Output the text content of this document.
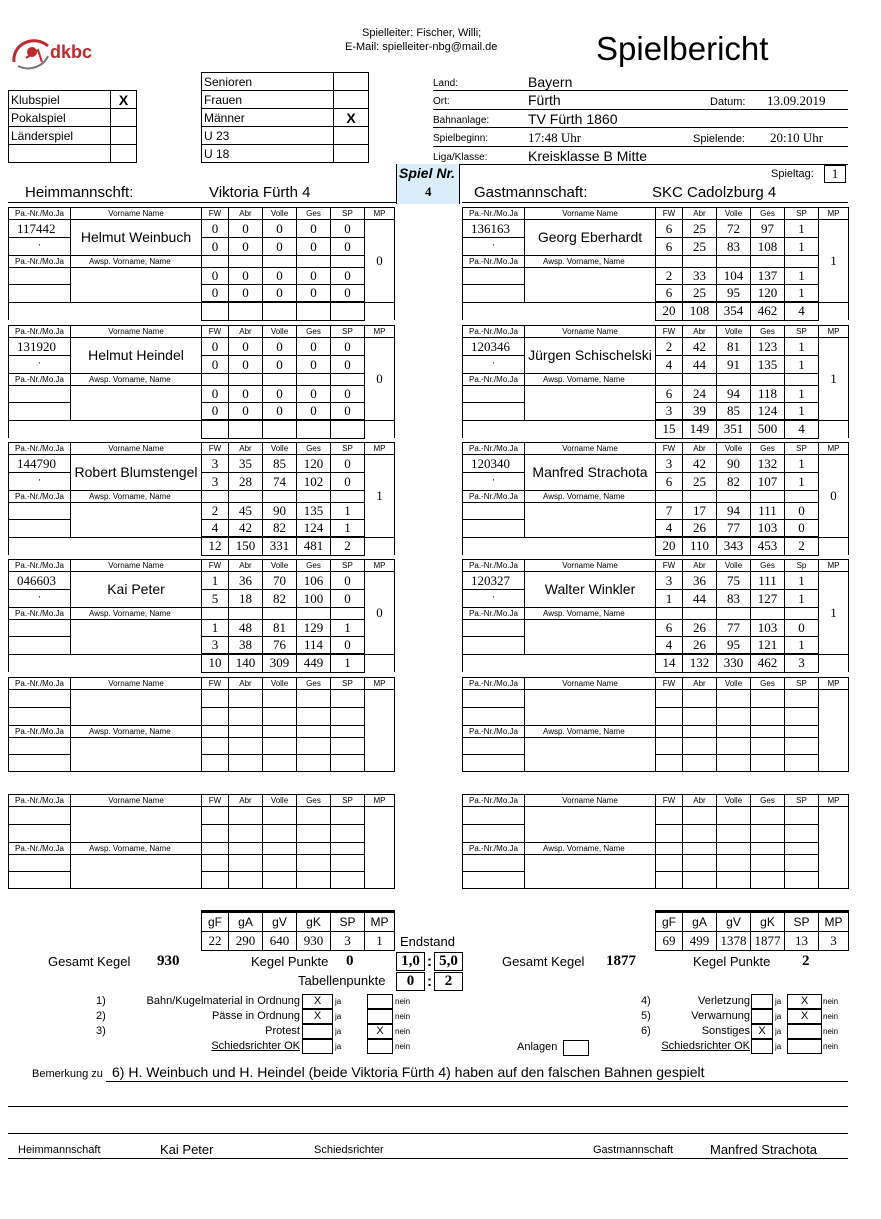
dkbc
Spielleiter: Fischer, Willi;
E-Mail: spielleiter-nbg@mail.de	Spielbericht
Klubspiel	X
Pokalspiel	
Länderspiel	

Senioren	
Frauen	
Männer	X
U 23	
U 18	
Land:	Bayern
Ort:	Fürth	Datum: 13.09.2019
Bahnanlage:	TV Fürth 1860
Spielbeginn:	17:48 Uhr	Spielende: 20:10 Uhr
Liga/Klasse:	Kreisklasse B Mitte
Spiel Nr.
4
Spieltag:	1
Heimmannschft:	Viktoria Fürth 4	Gastmannschaft:	SKC Cadolzburg 4
Pa.-Nr./Mo.Ja	Vorname Name	FW	Abr	Volle	Ges	SP	MP
117442	Helmut Weinbuch	0	0	0	0	0	0
,		0	0	0	0	0	
Pa.-Nr./Mo.Ja	Awsp. Vorname, Name						
		0	0	0	0	0	
		0	0	0	0	0	

Pa.-Nr./Mo.Ja	Vorname Name	FW	Abr	Volle	Ges	SP	MP
136163	Georg Eberhardt	6	25	72	97	1	1
,		6	25	83	108	1	
Pa.-Nr./Mo.Ja	Awsp. Vorname, Name						
		2	33	104	137	1	
		6	25	95	120	1	
		20	108	354	462	4	
Pa.-Nr./Mo.Ja	Vorname Name	FW	Abr	Volle	Ges	SP	MP
131920	Helmut Heindel	0	0	0	0	0	0
,		0	0	0	0	0	
Pa.-Nr./Mo.Ja	Awsp. Vorname, Name						
		0	0	0	0	0	
		0	0	0	0	0	

Pa.-Nr./Mo.Ja	Vorname Name	FW	Abr	Volle	Ges	SP	MP
120346	Jürgen Schischelski	2	42	81	123	1	1
,		4	44	91	135	1	
Pa.-Nr./Mo.Ja	Awsp. Vorname, Name						
		6	24	94	118	1	
		3	39	85	124	1	
		15	149	351	500	4	
Pa.-Nr./Mo.Ja	Vorname Name	FW	Abr	Volle	Ges	SP	MP
144790	Robert Blumstengel	3	35	85	120	0	1
,		3	28	74	102	0	
Pa.-Nr./Mo.Ja	Awsp. Vorname, Name						
		2	45	90	135	1	
		4	42	82	124	1	
		12	150	331	481	2	
Pa.-Nr./Mo.Ja	Vorname Name	FW	Abr	Volle	Ges	SP	MP
120340	Manfred Strachota	3	42	90	132	1	0
,		6	25	82	107	1	
Pa.-Nr./Mo.Ja	Awsp. Vorname, Name						
		7	17	94	111	0	
		4	26	77	103	0	
		20	110	343	453	2	
Pa.-Nr./Mo.Ja	Vorname Name	FW	Abr	Volle	Ges	SP	MP
046603	Kai Peter	1	36	70	106	0	0
,		5	18	82	100	0	
Pa.-Nr./Mo.Ja	Awsp. Vorname, Name						
		1	48	81	129	1	
		3	38	76	114	0	
		10	140	309	449	1	
Pa.-Nr./Mo.Ja	Vorname Name	FW	Abr	Volle	Ges	Sp	MP
120327	Walter Winkler	3	36	75	111	1	1
,		1	44	83	127	1	
Pa.-Nr./Mo.Ja	Awsp. Vorname, Name						
		6	26	77	103	0	
		4	26	95	121	1	
		14	132	330	462	3	
Pa.-Nr./Mo.Ja	Vorname Name	FW	Abr	Volle	Ges	SP	MP

Pa.-Nr./Mo.Ja	Awsp. Vorname, Name						

Pa.-Nr./Mo.Ja	Vorname Name	FW	Abr	Volle	Ges	SP	MP

Pa.-Nr./Mo.Ja	Awsp. Vorname, Name						

Pa.-Nr./Mo.Ja	Vorname Name	FW	Abr	Volle	Ges	SP	MP

Pa.-Nr./Mo.Ja	Awsp. Vorname, Name						

Pa.-Nr./Mo.Ja	Vorname Name	FW	Abr	Volle	Ges	SP	MP

Pa.-Nr./Mo.Ja	Awsp. Vorname, Name						

gF	gA	gV	gK	SP	MP
22	290	640	930	3	1
gF	gA	gV	gK	SP	MP
69	499	1378	1877	13	3
Endstand
Gesamt Kegel 930	Kegel Punkte 0	1,0 : 5,0	Gesamt Kegel 1877	Kegel Punkte 2
Tabellenpunkte	0 : 2
1)	Bahn/Kugelmaterial in Ordnung	X	ja	nein
2)	Pässe in Ordnung	X	ja	nein
3)	Protest	ja	X	nein
Schiedsrichter OK	ja	nein
4)	Verletzung	ja	X	nein
5)	Verwarnung	ja	X	nein
6)	Sonstiges X	ja	nein
Schiedsrichter OK	ja	nein
Anlagen
Bemerkung zu 6) H. Weinbuch und H. Heindel (beide Viktoria Fürth 4) haben auf den falschen Bahnen gespielt
Heimmannschaft	Kai Peter	Schiedsrichter	Gastmannschaft	Manfred Strachota
